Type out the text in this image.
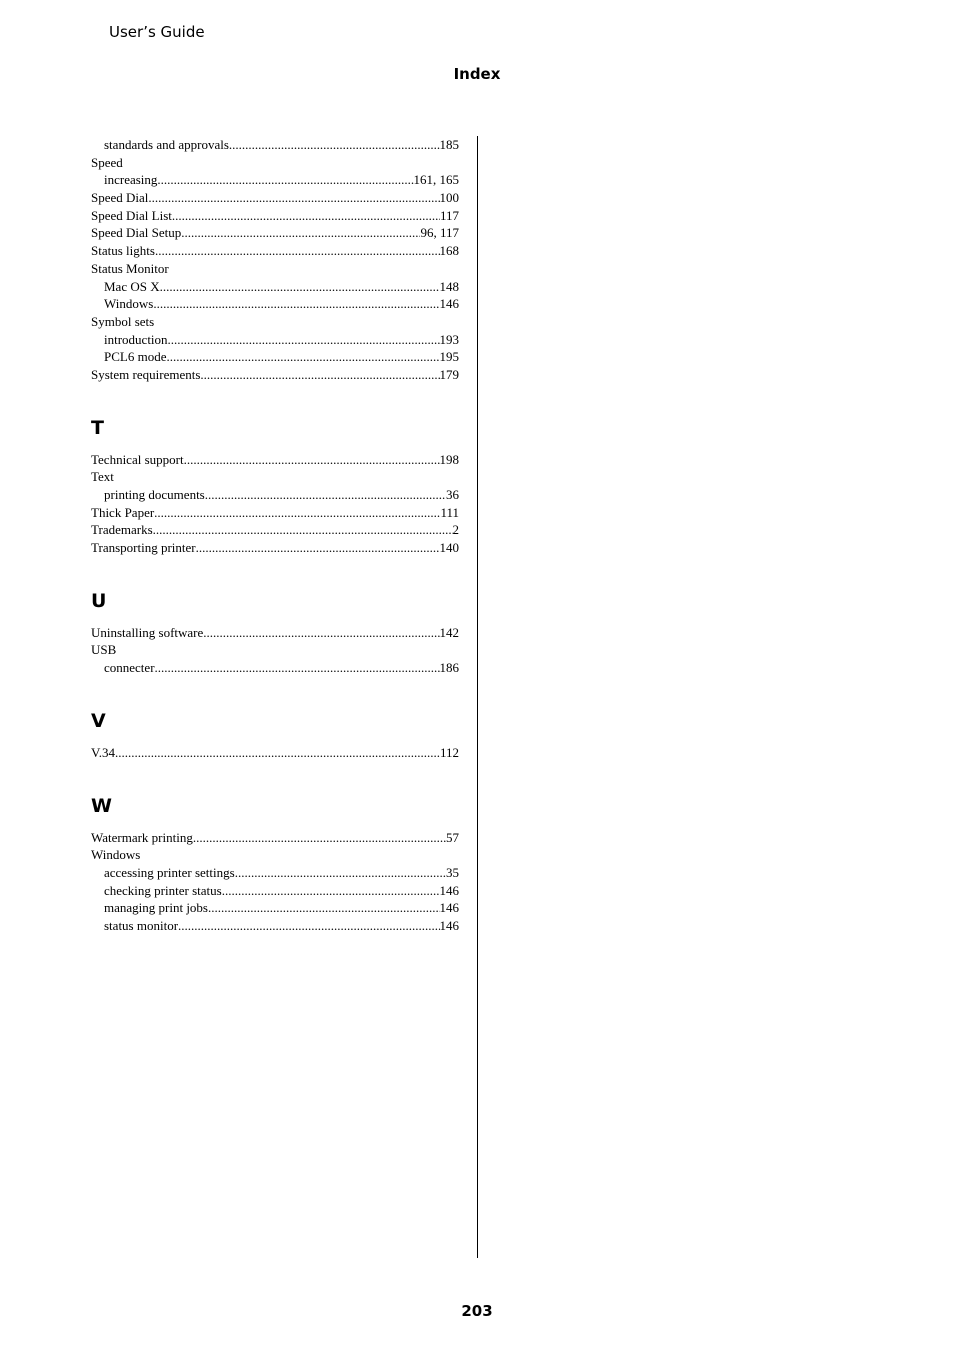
User’s Guide
Index
standards and approvals .....	185
Speed
increasing .....	161, 165
Speed Dial .....	100
Speed Dial List .....	117
Speed Dial Setup .....	96, 117
Status lights .....	168
Status Monitor
Mac OS X .....	148
Windows .....	146
Symbol sets
introduction .....	193
PCL6 mode .....	195
System requirements .....	179
T
Technical support .....	198
Text
printing documents .....	36
Thick Paper .....	111
Trademarks .....	2
Transporting printer .....	140
U
Uninstalling software .....	142
USB
connecter .....	186
V
V.34 .....	112
W
Watermark printing .....	57
Windows
accessing printer settings .....	35
checking printer status .....	146
managing print jobs .....	146
status monitor .....	146
203
